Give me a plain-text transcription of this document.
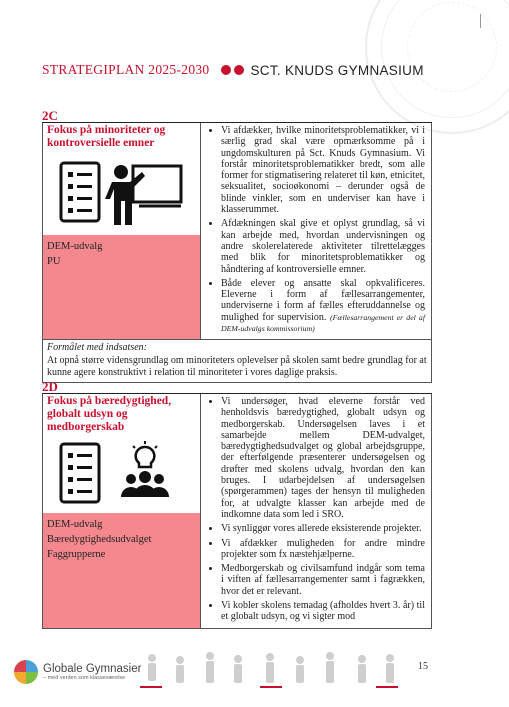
STRATEGIPLAN 2025-2030	SCT. KNUDS GYMNASIUM
2C
Fokus på minoriteter og kontroversielle emner
DEM-udvalg
PU
• Vi afdækker, hvilke minoritetsproblematikker, vi i særlig grad skal være opmærksomme på i ungdomskulturen på Sct. Knuds Gymnasium. Vi forstår minoritetsproblematikker bredt, som alle former for stigmatisering relateret til køn, etnicitet, seksualitet, socioøkonomi – derunder også de blinde vinkler, som en underviser kan have i klasserummet.
• Afdækningen skal give et oplyst grundlag, så vi kan arbejde med, hvordan undervisningen og andre skolerelaterede aktiviteter tilrettelægges med blik for minoritetsproblematikker og håndtering af kontroversielle emner.
• Både elever og ansatte skal opkvalificeres. Eleverne i form af fællesarrangementer, underviserne i form af fælles efteruddannelse og mulighed for supervision. (Fællesarrangement er del af DEM-udvalgs kommissorium)
Formålet med indsatsen:
At opnå større vidensgrundlag om minoriteters oplevelser på skolen samt bedre grundlag for at kunne agere konstruktivt i relation til minoriteter i vores daglige praksis.
2D
Fokus på bæredygtighed, globalt udsyn og medborgerskab
DEM-udvalg
Bæredygtighedsudvalget
Faggrupperne
• Vi undersøger, hvad eleverne forstår ved henholdsvis bæredygtighed, globalt udsyn og medborgerskab. Undersøgelsen laves i et samarbejde mellem DEM-udvalget, bæredygtighedsudvalget og global arbejdsgruppe, der efterfølgende præsenterer undersøgelsen og drøfter med skolens udvalg, hvordan den kan bruges. I udarbejdelsen af undersøgelsen (spørgerammen) tages der hensyn til muligheden for, at udvalgte klasser kan arbejde med de indkomne data som led i SRO.
• Vi synliggør vores allerede eksisterende projekter.
• Vi afdækker muligheden for andre mindre projekter som fx næstehjælperne.
• Medborgerskab og civilsamfund indgår som tema i viften af fællesarrangementer samt i fagrækken, hvor det er relevant.
• Vi kobler skolens temadag (afholdes hvert 3. år) til et globalt udsyn, og vi sigter mod
Globale Gymnasier
– med verden som klasseværelse
15
